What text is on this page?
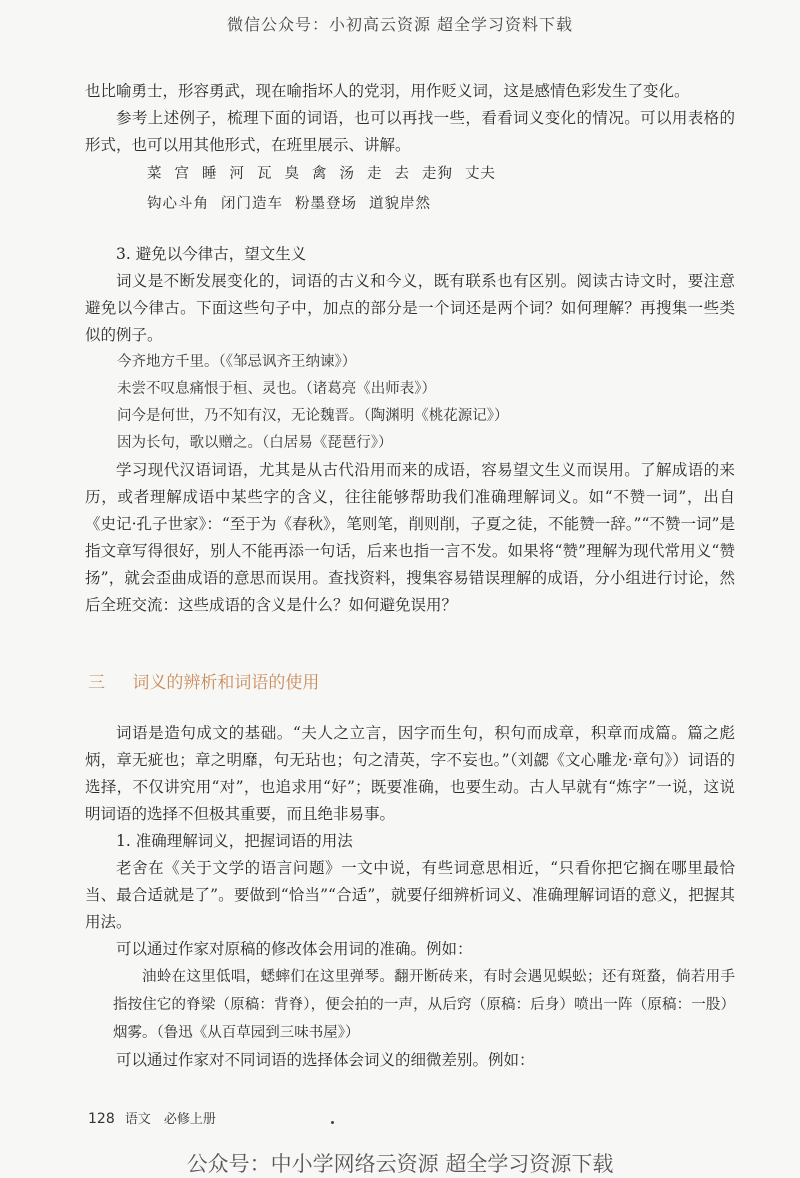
微信公众号：小初高云资源 超全学习资料下载

也比喻勇士，形容勇武，现在喻指坏人的党羽，用作贬义词，这是感情色彩发生了变化。

参考上述例子，梳理下面的词语，也可以再找一些，看看词义变化的情况。可以用表格的形式，也可以用其他形式，在班里展示、讲解。

菜 宫 睡 河 瓦 臭 禽 汤 走 去 走狗 丈夫
钩心斗角 闭门造车 粉墨登场 道貌岸然

3. 避免以今律古，望文生义

词义是不断发展变化的，词语的古义和今义，既有联系也有区别。阅读古诗文时，要注意避免以今律古。下面这些句子中，加点的部分是一个词还是两个词？如何理解？再搜集一些类似的例子。

今齐地方千里。（《邹忌讽齐王纳谏》）
未尝不叹息痛恨于桓、灵也。（诸葛亮《出师表》）
问今是何世，乃不知有汉，无论魏晋。（陶渊明《桃花源记》）
因为长句，歌以赠之。（白居易《琵琶行》）

学习现代汉语词语，尤其是从古代沿用而来的成语，容易望文生义而误用。了解成语的来历，或者理解成语中某些字的含义，往往能够帮助我们准确理解词义。如“不赞一词”，出自《史记·孔子世家》：“至于为《春秋》，笔则笔，削则削，子夏之徒，不能赞一辞。”“不赞一词”是指文章写得很好，别人不能再添一句话，后来也指一言不发。如果将“赞”理解为现代常用义“赞扬”，就会歪曲成语的意思而误用。查找资料，搜集容易错误理解的成语，分小组进行讨论，然后全班交流：这些成语的含义是什么？如何避免误用？

三 词义的辨析和词语的使用

词语是造句成文的基础。“夫人之立言，因字而生句，积句而成章，积章而成篇。篇之彪炳，章无疵也；章之明靡，句无玷也；句之清英，字不妄也。”（刘勰《文心雕龙·章句》）词语的选择，不仅讲究用“对”，也追求用“好”；既要准确，也要生动。古人早就有“炼字”一说，这说明词语的选择不但极其重要，而且绝非易事。

1. 准确理解词义，把握词语的用法

老舍在《关于文学的语言问题》一文中说，有些词意思相近，“只看你把它搁在哪里最恰当、最合适就是了”。要做到“恰当”“合适”，就要仔细辨析词义、准确理解词语的意义，把握其用法。

可以通过作家对原稿的修改体会用词的准确。例如：

油蛉在这里低唱，蟋蟀们在这里弹琴。翻开断砖来，有时会遇见蜈蚣；还有斑蝥，倘若用手指按住它的脊梁（原稿：背脊），便会拍的一声，从后窍（原稿：后身）喷出一阵（原稿：一股）烟雾。（鲁迅《从百草园到三味书屋》）

可以通过作家对不同词语的选择体会词义的细微差别。例如：

128 语文　必修上册
公众号：中小学网络云资源 超全学习资源下载
